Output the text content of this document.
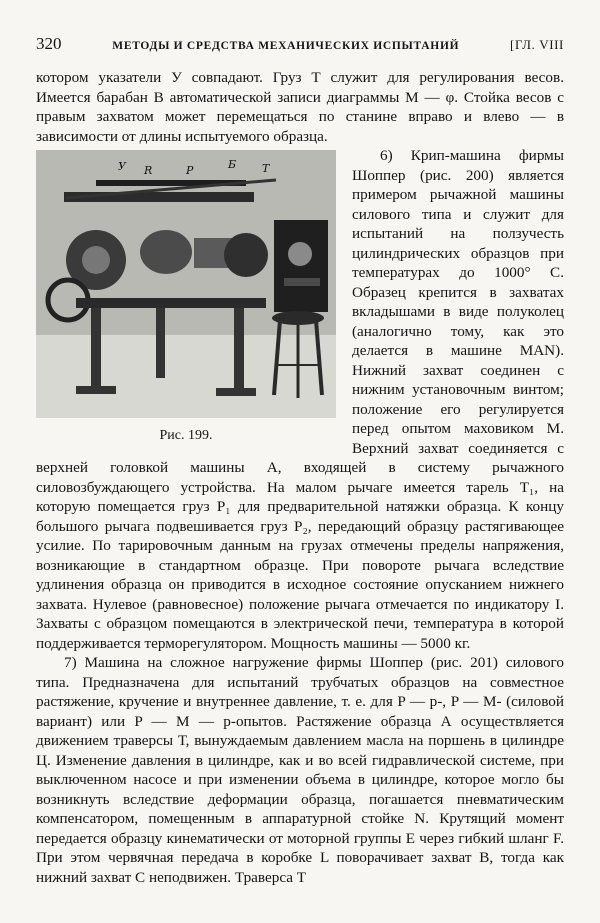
320	МЕТОДЫ И СРЕДСТВА МЕХАНИЧЕСКИХ ИСПЫТАНИЙ	[ГЛ. VIII

котором указатели У совпадают. Груз Т служит для регулирования весов. Имеется барабан В автоматической записи диаграммы М — φ. Стойка весов с правым захватом может перемещаться по станине вправо и влево — в зависимости от длины испытуемого образца.

У R	Р	Б Т
Рис. 199.

6) Крип-машина фирмы Шоппер (рис. 200) является примером рычажной машины силового типа и служит для испытаний на ползучесть цилиндрических образцов при температурах до 1000° С. Образец крепится в захватах вкладышами в виде полуколец (аналогично тому, как это делается в машине MAN). Нижний захват соединен с нижним установочным винтом; положение его регулируется перед опытом маховиком М. Верхний захват соединяется с верхней головкой машины А, входящей в систему рычажного силовозбуждающего устройства. На малом рычаге имеется тарель T₁, на которую помещается груз P₁ для предварительной натяжки образца. К концу большого рычага подвешивается груз P₂, передающий образцу растягивающее усилие. По тарировочным данным на грузах отмечены пределы напряжения, возникающие в стандартном образце. При повороте рычага вследствие удлинения образца он приводится в исходное состояние опусканием нижнего захвата. Нулевое (равновесное) положение рычага отмечается по индикатору I. Захваты с образцом помещаются в электрической печи, температура в которой поддерживается терморегулятором. Мощность машины — 5000 кг.

7) Машина на сложное нагружение фирмы Шоппер (рис. 201) силового типа. Предназначена для испытаний трубчатых образцов на совместное растяжение, кручение и внутреннее давление, т. е. для P — p-, P — M- (силовой вариант) или P — M — p-опытов. Растяжение образца А осуществляется движением траверсы Т, вынуждаемым давлением масла на поршень в цилиндре Ц. Изменение давления в цилиндре, как и во всей гидравлической системе, при выключенном насосе и при изменении объема в цилиндре, которое могло бы возникнуть вследствие деформации образца, погашается пневматическим компенсатором, помещенным в аппаратурной стойке N. Крутящий момент передается образцу кинематически от моторной группы Е через гибкий шланг F. При этом червячная передача в коробке L поворачивает захват В, тогда как нижний захват С неподвижен. Траверса Т
